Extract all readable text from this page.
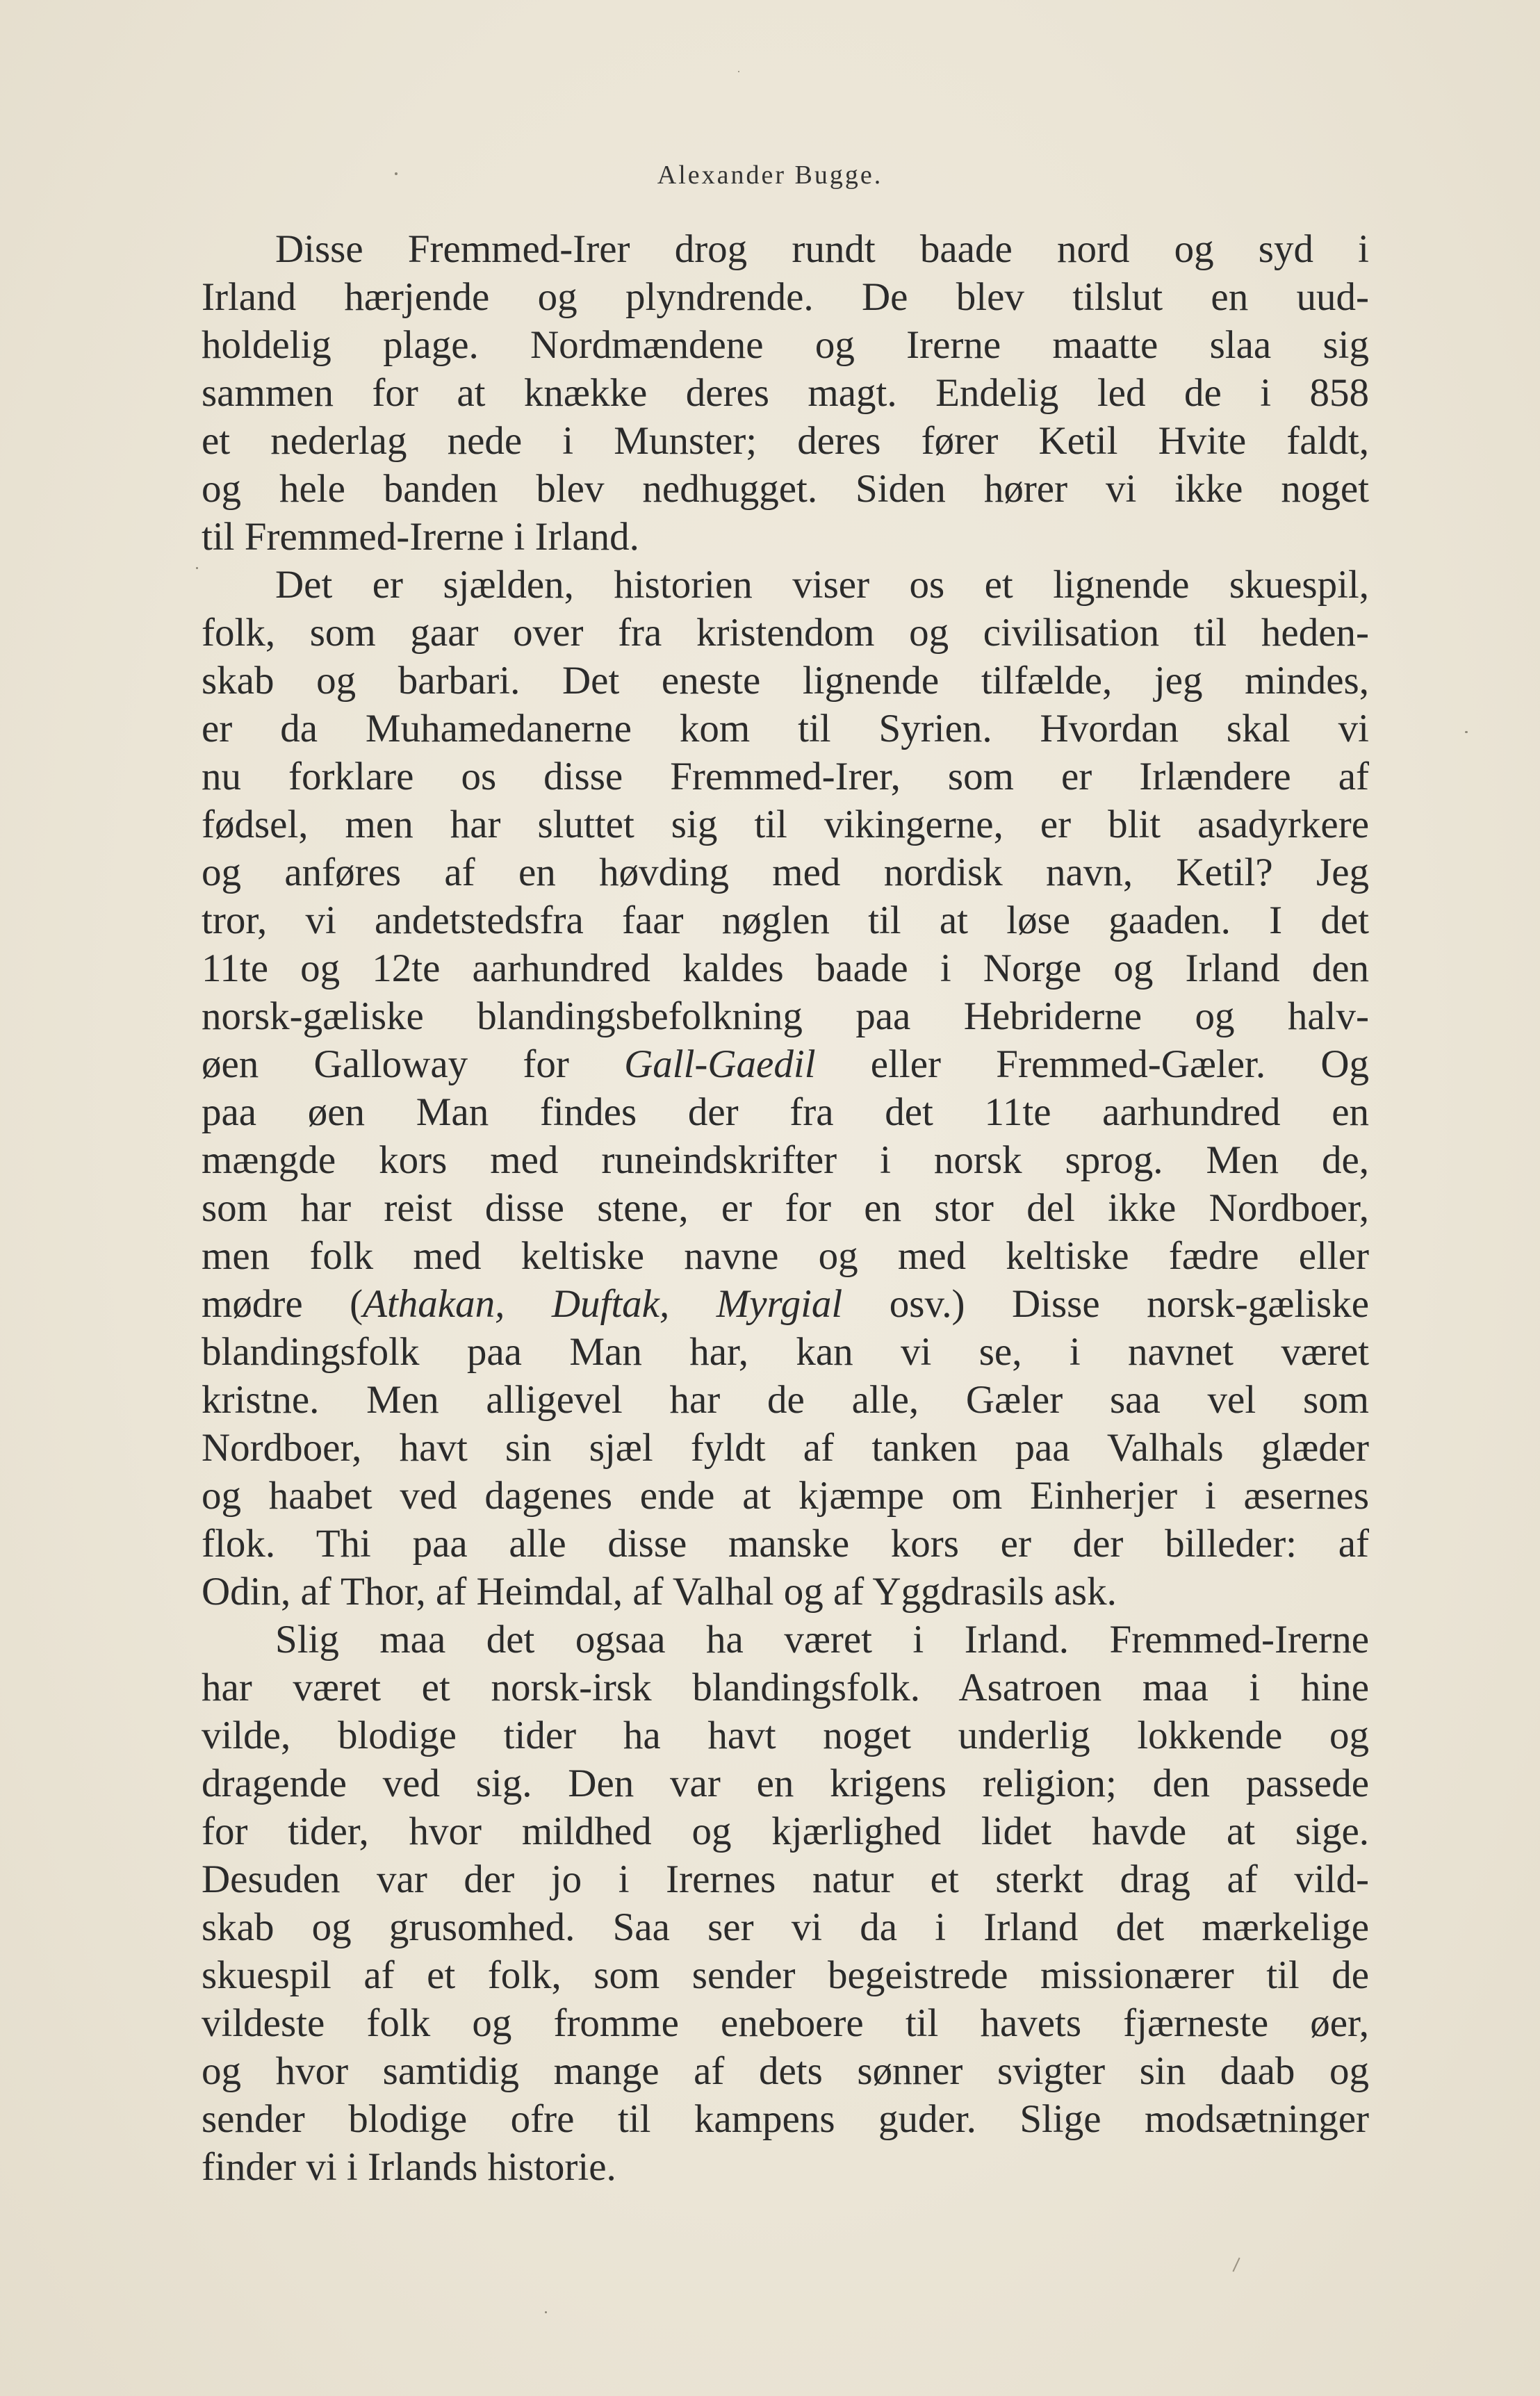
Alexander Bugge.
Disse Fremmed-Irer drog rundt baade nord og syd i
Irland hærjende og plyndrende. De blev tilslut en uud-
holdelig plage. Nordmændene og Irerne maatte slaa sig
sammen for at knække deres magt. Endelig led de i 858
et nederlag nede i Munster; deres fører Ketil Hvite faldt,
og hele banden blev nedhugget. Siden hører vi ikke noget
til Fremmed-Irerne i Irland.
Det er sjælden, historien viser os et lignende skuespil,
folk, som gaar over fra kristendom og civilisation til heden-
skab og barbari. Det eneste lignende tilfælde, jeg mindes,
er da Muhamedanerne kom til Syrien. Hvordan skal vi
nu forklare os disse Fremmed-Irer, som er Irlændere af
fødsel, men har sluttet sig til vikingerne, er blit asadyrkere
og anføres af en høvding med nordisk navn, Ketil? Jeg
tror, vi andetstedsfra faar nøglen til at løse gaaden. I det
11te og 12te aarhundred kaldes baade i Norge og Irland den
norsk-gæliske blandingsbefolkning paa Hebriderne og halv-
øen Galloway for Gall-Gaedil eller Fremmed-Gæler. Og
paa øen Man findes der fra det 11te aarhundred en
mængde kors med runeindskrifter i norsk sprog. Men de,
som har reist disse stene, er for en stor del ikke Nordboer,
men folk med keltiske navne og med keltiske fædre eller
mødre (Athakan, Duftak, Myrgial osv.) Disse norsk-gæliske
blandingsfolk paa Man har, kan vi se, i navnet været
kristne. Men alligevel har de alle, Gæler saa vel som
Nordboer, havt sin sjæl fyldt af tanken paa Valhals glæder
og haabet ved dagenes ende at kjæmpe om Einherjer i æsernes
flok. Thi paa alle disse manske kors er der billeder: af
Odin, af Thor, af Heimdal, af Valhal og af Yggdrasils ask.
Slig maa det ogsaa ha været i Irland. Fremmed-Irerne
har været et norsk-irsk blandingsfolk. Asatroen maa i hine
vilde, blodige tider ha havt noget underlig lokkende og
dragende ved sig. Den var en krigens religion; den passede
for tider, hvor mildhed og kjærlighed lidet havde at sige.
Desuden var der jo i Irernes natur et sterkt drag af vild-
skab og grusomhed. Saa ser vi da i Irland det mærkelige
skuespil af et folk, som sender begeistrede missionærer til de
vildeste folk og fromme eneboere til havets fjærneste øer,
og hvor samtidig mange af dets sønner svigter sin daab og
sender blodige ofre til kampens guder. Slige modsætninger
finder vi i Irlands historie.
